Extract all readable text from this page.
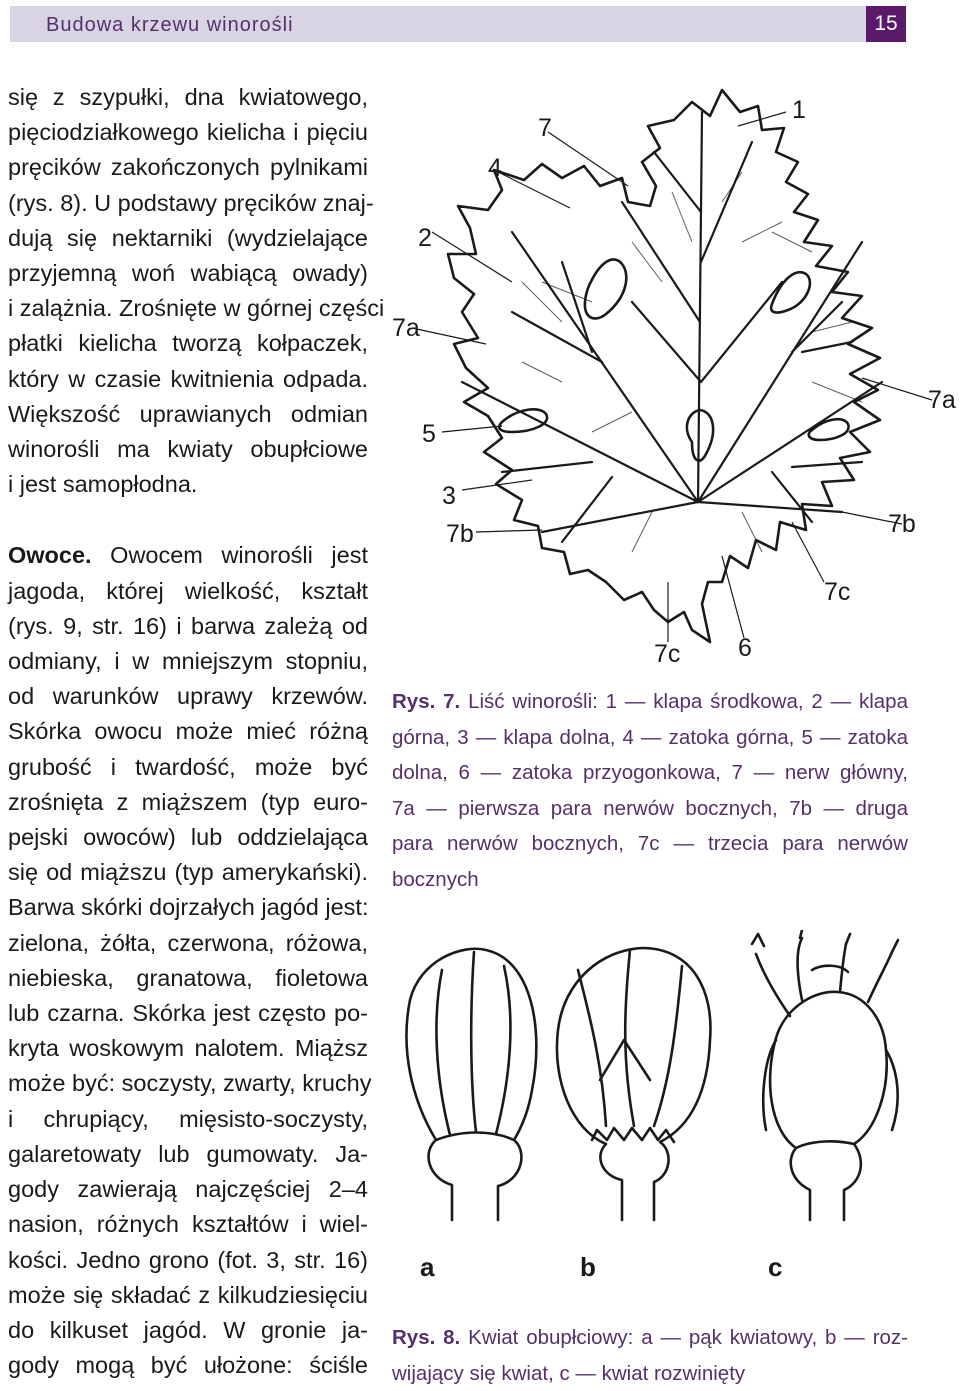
Budowa krzewu winorośli	15

się z szypułki, dna kwiatowego,
pięciodziałkowego kielicha i pięciu
pręcików zakończonych pylnikami
(rys. 8). U podstawy pręcików znaj-
dują się nektarniki (wydzielające
przyjemną woń wabiącą owady)
i zalążnia. Zrośnięte w górnej części
płatki kielicha tworzą kołpaczek,
który w czasie kwitnienia odpada.
Większość uprawianych odmian
winorośli ma kwiaty obupłciowe
i jest samopłodna.

Owoce. Owocem winorośli jest
jagoda, której wielkość, kształt
(rys. 9, str. 16) i barwa zależą od
odmiany, i w mniejszym stopniu,
od warunków uprawy krzewów.
Skórka owocu może mieć różną
grubość i twardość, może być
zrośnięta z miąższem (typ euro-
pejski owoców) lub oddzielająca
się od miąższu (typ amerykański).
Barwa skórki dojrzałych jagód jest:
zielona, żółta, czerwona, różowa,
niebieska, granatowa, fioletowa
lub czarna. Skórka jest często po-
kryta woskowym nalotem. Miąższ
może być: soczysty, zwarty, kruchy
i chrupiący, mięsisto-soczysty,
galaretowaty lub gumowaty. Ja-
gody zawierają najczęściej 2–4
nasion, różnych kształtów i wiel-
kości. Jedno grono (fot. 3, str. 16)
może się składać z kilkudziesięciu
do kilkuset jagód. W gronie ja-
gody mogą być ułożone: ściśle

1
7
4
2
7a
7a
5
3
7b	7b
7c
7c 6
Rys. 7. Liść winorośli: 1 — klapa środkowa, 2 — klapa
górna, 3 — klapa dolna, 4 — zatoka górna, 5 — zatoka
dolna, 6 — zatoka przyogonkowa, 7 — nerw główny,
7a — pierwsza para nerwów bocznych, 7b — druga
para nerwów bocznych, 7c — trzecia para nerwów
bocznych
a	b	c
Rys. 8. Kwiat obupłciowy: a — pąk kwiatowy, b — roz-
wijający się kwiat, c — kwiat rozwinięty
